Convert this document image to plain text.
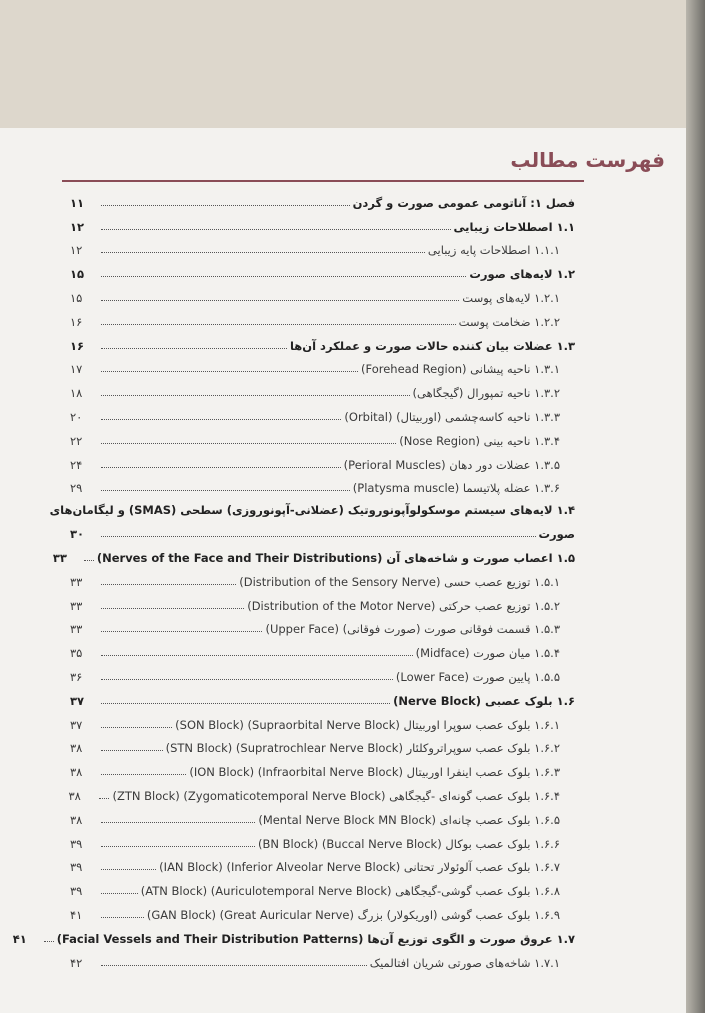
فهرست مطالب
فصل ۱: آناتومی عمومی صورت و گردن
۱۱
۱.۱ اصطلاحات زیبایی
۱۲
۱.۱.۱ اصطلاحات پایه زیبایی
۱۲
۱.۲ لایه‌های صورت
۱۵
۱.۲.۱ لایه‌های پوست
۱۵
۱.۲.۲ ضخامت پوست
۱۶
۱.۳ عضلات بیان کننده حالات صورت و عملکرد آن‌ها
۱۶
۱.۳.۱ ناحیه پیشانی (Forehead Region)
۱۷
۱.۳.۲ ناحیه تمپورال (گیجگاهی)
۱۸
۱.۳.۳ ناحیه کاسه‌چشمی (اوربیتال) (Orbital)
۲۰
۱.۳.۴ ناحیه بینی (Nose Region)
۲۲
۱.۳.۵ عضلات دور دهان (Perioral Muscles)
۲۴
۱.۳.۶ عضله پلاتیسما (Platysma muscle)
۲۹
۱.۴ لایه‌های سیستم موسکولوآپونوروتیک (عضلانی-آپونوروزی) سطحی (SMAS) و لیگامان‌های
صورت
۳۰
۱.۵ اعصاب صورت و شاخه‌های آن (Nerves of the Face and Their Distributions)
۳۳
۱.۵.۱ توزیع عصب حسی (Distribution of the Sensory Nerve)
۳۳
۱.۵.۲ توزیع عصب حرکتی (Distribution of the Motor Nerve)
۳۳
۱.۵.۳ قسمت فوقانی صورت (صورت فوقانی) (Upper Face)
۳۳
۱.۵.۴ میان صورت (Midface)
۳۵
۱.۵.۵ پایین صورت (Lower Face)
۳۶
۱.۶ بلوک عصبی (Nerve Block)
۳۷
۱.۶.۱ بلوک عصب سوپرا اوربیتال (Supraorbital Nerve Block) (SON Block)
۳۷
۱.۶.۲ بلوک عصب سوپراتروکلئار (Supratrochlear Nerve Block) (STN Block)
۳۸
۱.۶.۳ بلوک عصب اینفرا اوربیتال (Infraorbital Nerve Block) (ION Block)
۳۸
۱.۶.۴ بلوک عصب گونه‌ای -گیجگاهی (Zygomaticotemporal Nerve Block) (ZTN Block)
۳۸
۱.۶.۵ بلوک عصب چانه‌ای (Mental Nerve Block MN Block)
۳۸
۱.۶.۶ بلوک عصب بوکال (Buccal Nerve Block) (BN Block)
۳۹
۱.۶.۷ بلوک عصب آلوئولار تحتانی (Inferior Alveolar Nerve Block) (IAN Block)
۳۹
۱.۶.۸ بلوک عصب گوشی-گیجگاهی (Auriculotemporal Nerve Block) (ATN Block)
۳۹
۱.۶.۹ بلوک عصب گوشی (اوریکولار) بزرگ (Great Auricular Nerve) (GAN Block)
۴۱
۱.۷ عروق صورت و الگوی توزیع آن‌ها (Facial Vessels and Their Distribution Patterns)
۴۱
۱.۷.۱ شاخه‌های صورتی شریان افتالمیک
۴۲
